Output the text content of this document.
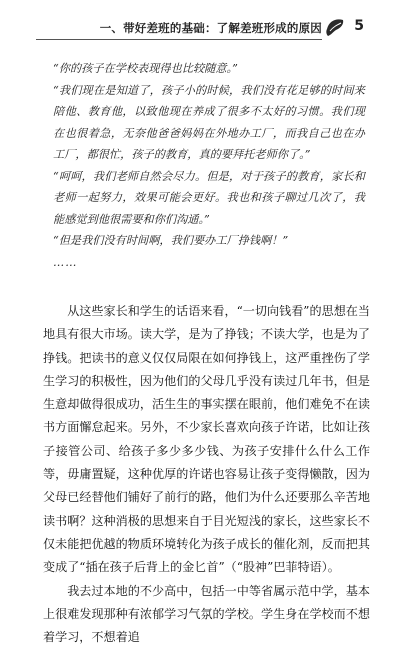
一、带好差班的基础：了解差班形成的原因 5

“你的孩子在学校表现得也比较随意。”

“我们现在是知道了，孩子小的时候，我们没有花足够的时间来陪他、教育他，以致他现在养成了很多不太好的习惯。我们现在也很着急，无奈他爸爸妈妈在外地办工厂，而我自己也在办工厂，都很忙，孩子的教育，真的要拜托老师你了。”

“呵呵，我们老师自然会尽力。但是，对于孩子的教育，家长和老师一起努力，效果可能会更好。我也和孩子聊过几次了，我能感觉到他很需要和你们沟通。”

“但是我们没有时间啊，我们要办工厂挣钱啊！”

……

从这些家长和学生的话语来看，“一切向钱看”的思想在当地具有很大市场。读大学，是为了挣钱；不读大学，也是为了挣钱。把读书的意义仅仅局限在如何挣钱上，这严重挫伤了学生学习的积极性，因为他们的父母几乎没有读过几年书，但是生意却做得很成功，活生生的事实摆在眼前，他们难免不在读书方面懈怠起来。另外，不少家长喜欢向孩子许诺，比如让孩子接管公司、给孩子多少多少钱、为孩子安排什么什么工作等，毋庸置疑，这种优厚的许诺也容易让孩子变得懒散，因为父母已经替他们铺好了前行的路，他们为什么还要那么辛苦地读书啊？这种消极的思想来自于目光短浅的家长，这些家长不仅未能把优越的物质环境转化为孩子成长的催化剂，反而把其变成了“插在孩子后背上的金匕首”（“股神”巴菲特语）。

我去过本地的不少高中，包括一中等省属示范中学，基本上很难发现那种有浓郁学习气氛的学校。学生身在学校而不想着学习，不想着追
